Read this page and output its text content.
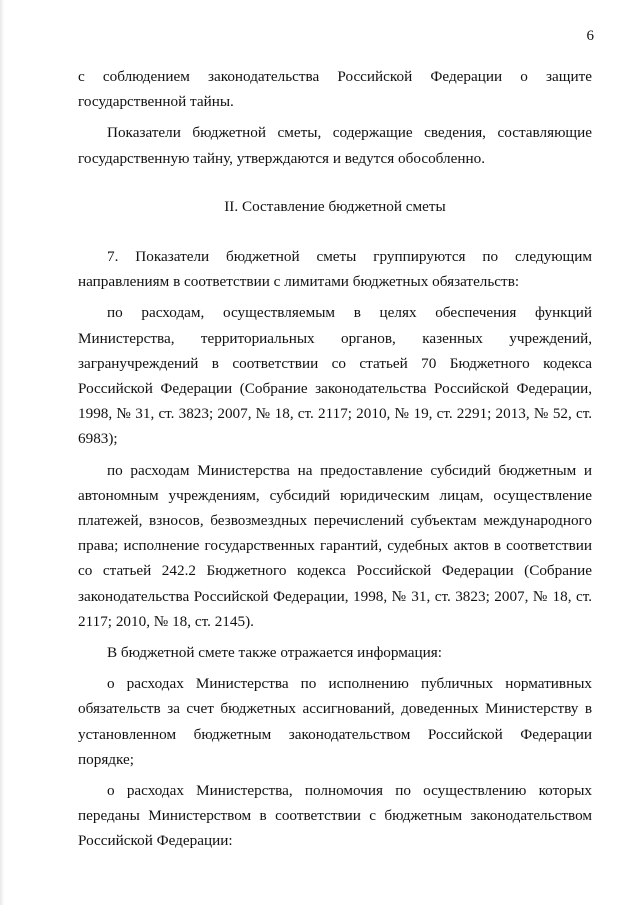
6

с соблюдением законодательства Российской Федерации о защите государственной тайны.

Показатели бюджетной сметы, содержащие сведения, составляющие государственную тайну, утверждаются и ведутся обособленно.

II. Составление бюджетной сметы

7. Показатели бюджетной сметы группируются по следующим направлениям в соответствии с лимитами бюджетных обязательств:

по расходам, осуществляемым в целях обеспечения функций Министерства, территориальных органов, казенных учреждений, загранучреждений в соответствии со статьей 70 Бюджетного кодекса Российской Федерации (Собрание законодательства Российской Федерации, 1998, № 31, ст. 3823; 2007, № 18, ст. 2117; 2010, № 19, ст. 2291; 2013, № 52, ст. 6983);

по расходам Министерства на предоставление субсидий бюджетным и автономным учреждениям, субсидий юридическим лицам, осуществление платежей, взносов, безвозмездных перечислений субъектам международного права; исполнение государственных гарантий, судебных актов в соответствии со статьей 242.2 Бюджетного кодекса Российской Федерации (Собрание законодательства Российской Федерации, 1998, № 31, ст. 3823; 2007, № 18, ст. 2117; 2010, № 18, ст. 2145).

В бюджетной смете также отражается информация:

о расходах Министерства по исполнению публичных нормативных обязательств за счет бюджетных ассигнований, доведенных Министерству в установленном бюджетным законодательством Российской Федерации порядке;

о расходах Министерства, полномочия по осуществлению которых переданы Министерством в соответствии с бюджетным законодательством Российской Федерации:
